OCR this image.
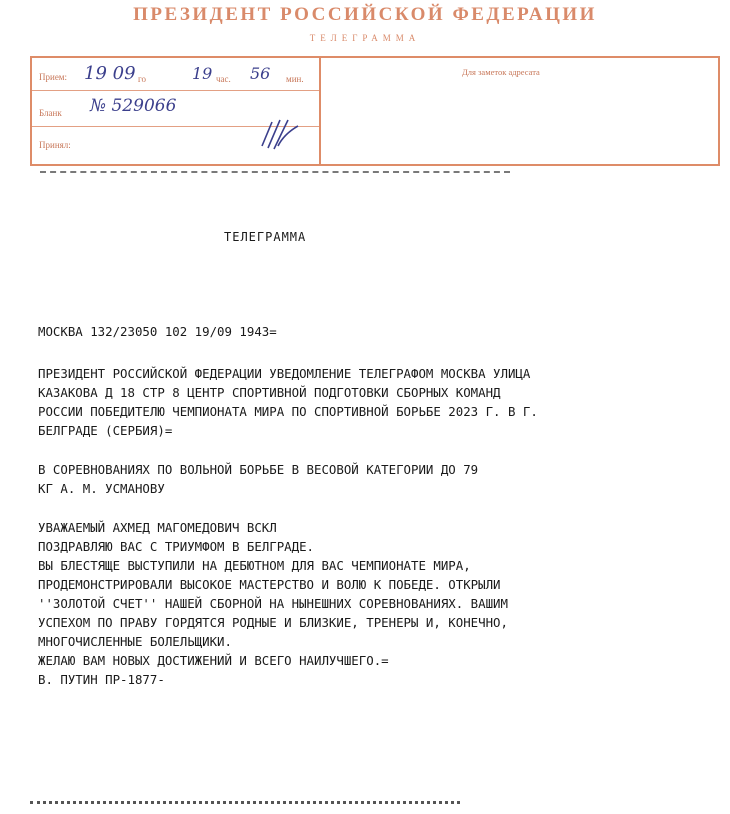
ПРЕЗИДЕНТ РОССИЙСКОЙ ФЕДЕРАЦИИ
ТЕЛЕГРАММА
Прием: 19 09 го	19 час. 56 мин.
Бланк № 529066
Принял:
Для заметок адресата
ТЕЛЕГРАММА
МОСКВА 132/23050 102 19/09 1943=
ПРЕЗИДЕНТ РОССИЙСКОЙ ФЕДЕРАЦИИ УВЕДОМЛЕНИЕ ТЕЛЕГРАФОМ МОСКВА УЛИЦА
КАЗАКОВА Д 18 СТР 8 ЦЕНТР СПОРТИВНОЙ ПОДГОТОВКИ СБОРНЫХ КОМАНД
РОССИИ ПОБЕДИТЕЛЮ ЧЕМПИОНАТА МИРА ПО СПОРТИВНОЙ БОРЬБЕ 2023 Г. В Г.
БЕЛГРАДЕ (СЕРБИЯ)=
В СОРЕВНОВАНИЯХ ПО ВОЛЬНОЙ БОРЬБЕ В ВЕСОВОЙ КАТЕГОРИИ ДО 79
КГ А. М. УСМАНОВУ
УВАЖАЕМЫЙ АХМЕД МАГОМЕДОВИЧ ВСКЛ
ПОЗДРАВЛЯЮ ВАС С ТРИУМФОМ В БЕЛГРАДЕ.
ВЫ БЛЕСТЯЩЕ ВЫСТУПИЛИ НА ДЕБЮТНОМ ДЛЯ ВАС ЧЕМПИОНАТЕ МИРА,
ПРОДЕМОНСТРИРОВАЛИ ВЫСОКОЕ МАСТЕРСТВО И ВОЛЮ К ПОБЕДЕ. ОТКРЫЛИ
''ЗОЛОТОЙ СЧЕТ'' НАШЕЙ СБОРНОЙ НА НЫНЕШНИХ СОРЕВНОВАНИЯХ. ВАШИМ
УСПЕХОМ ПО ПРАВУ ГОРДЯТСЯ РОДНЫЕ И БЛИЗКИЕ, ТРЕНЕРЫ И, КОНЕЧНО,
МНОГОЧИСЛЕННЫЕ БОЛЕЛЬЩИКИ.
ЖЕЛАЮ ВАМ НОВЫХ ДОСТИЖЕНИЙ И ВСЕГО НАИЛУЧШЕГО.=
В. ПУТИН ПР-1877-
